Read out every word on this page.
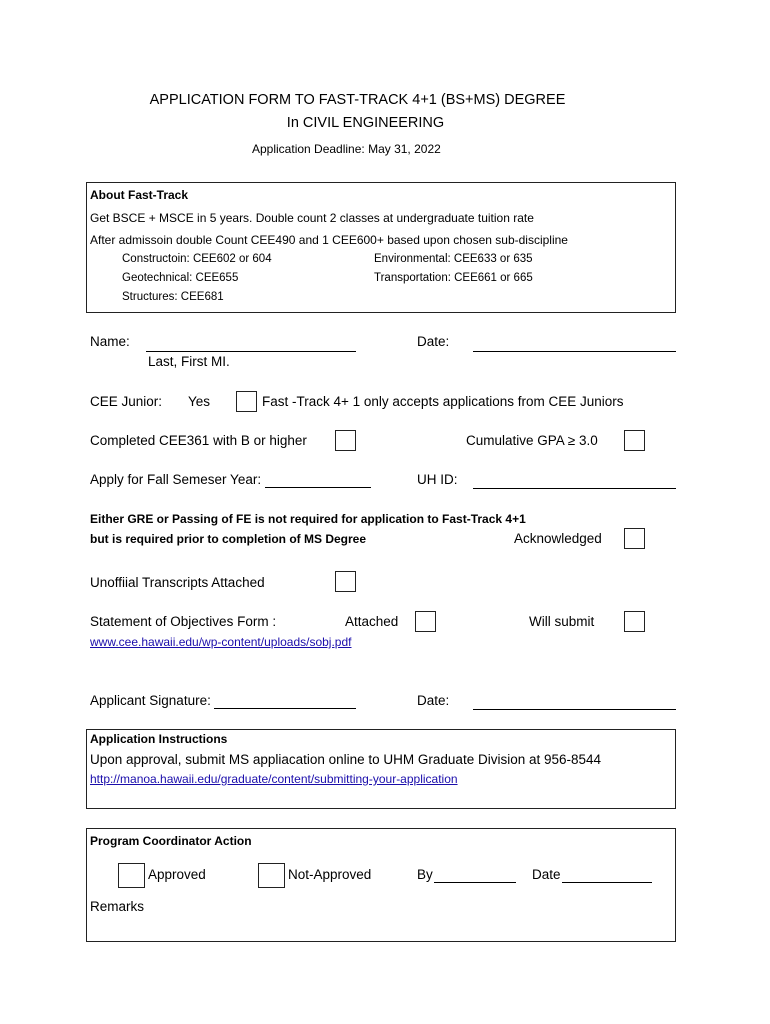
APPLICATION FORM TO FAST-TRACK 4+1 (BS+MS) DEGREE
In CIVIL ENGINEERING
Application Deadline: May 31, 2022
About Fast-Track
Get BSCE + MSCE in 5 years. Double count 2 classes at undergraduate tuition rate
After admissoin double Count CEE490 and 1 CEE600+ based upon chosen sub-discipline
Constructoin: CEE602 or 604	Environmental: CEE633 or 635
Geotechnical: CEE655	Transportation: CEE661 or 665
Structures: CEE681
Name:
Last, First MI.
Date:
CEE Junior: Yes	Fast -Track 4+ 1 only accepts applications from CEE Juniors
Completed CEE361 with B or higher	Cumulative GPA ≥ 3.0
Apply for Fall Semeser Year:	UH ID:
Either GRE or Passing of FE is not required for application to Fast-Track 4+1
but is required prior to completion of MS Degree	Acknowledged
Unoffiial Transcripts Attached
Statement of Objectives Form :	Attached	Will submit
www.cee.hawaii.edu/wp-content/uploads/sobj.pdf
Applicant Signature:	Date:
Application Instructions
Upon approval, submit MS appliacation online to UHM Graduate Division at 956-8544
http://manoa.hawaii.edu/graduate/content/submitting-your-application
Program Coordinator Action
Approved	Not-Approved	By	Date
Remarks
